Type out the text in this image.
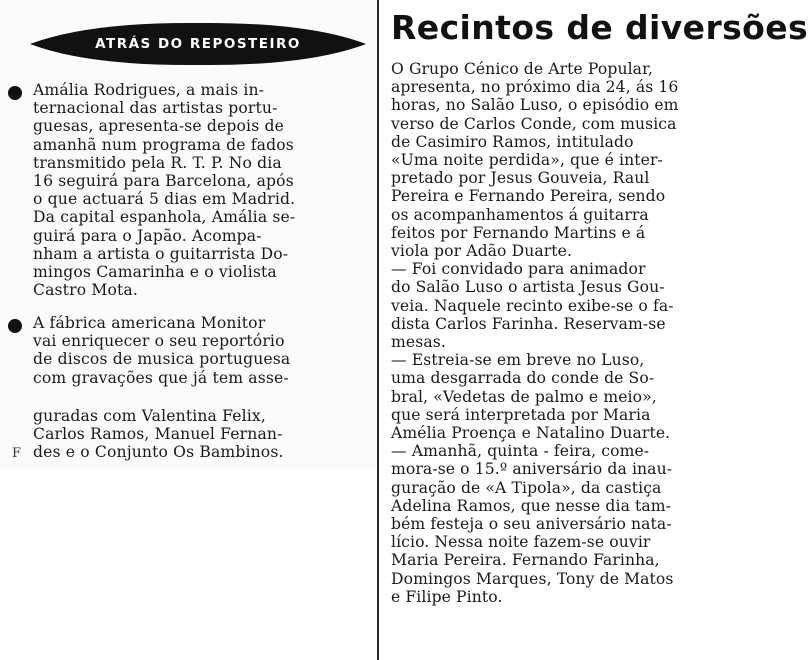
ATRÁS DO REPOSTEIRO
Amália Rodrigues, a mais in-
ternacional das artistas portu-
guesas, apresenta-se depois de
amanhã num programa de fados
transmitido pela R. T. P. No dia
16 seguirá para Barcelona, após
o que actuará 5 dias em Madrid.
Da capital espanhola, Amália se-
guirá para o Japão. Acompa-
nham a artista o guitarrista Do-
mingos Camarinha e o violista
Castro Mota.
A fábrica americana Monitor
vai enriquecer o seu reportório
de discos de musica portuguesa
com gravações que já tem asse-
guradas com Valentina Felix,
Carlos Ramos, Manuel Fernan-
des e o Conjunto Os Bambinos.
F
Recintos de diversões
O Grupo Cénico de Arte Popular,
apresenta, no próximo dia 24, ás 16
horas, no Salão Luso, o episódio em
verso de Carlos Conde, com musica
de Casimiro Ramos, intitulado
«Uma noite perdida», que é inter-
pretado por Jesus Gouveia, Raul
Pereira e Fernando Pereira, sendo
os acompanhamentos á guitarra
feitos por Fernando Martins e á
viola por Adão Duarte.
— Foi convidado para animador
do Salão Luso o artista Jesus Gou-
veia. Naquele recinto exibe-se o fa-
dista Carlos Farinha. Reservam-se
mesas.
— Estreia-se em breve no Luso,
uma desgarrada do conde de So-
bral, «Vedetas de palmo e meio»,
que será interpretada por Maria
Amélia Proença e Natalino Duarte.
— Amanhã, quinta - feira, come-
mora-se o 15.º aniversário da inau-
guração de «A Tipola», da castiça
Adelina Ramos, que nesse dia tam-
bém festeja o seu aniversário nata-
lício. Nessa noite fazem-se ouvir
Maria Pereira. Fernando Farinha,
Domingos Marques, Tony de Matos
e Filipe Pinto.
